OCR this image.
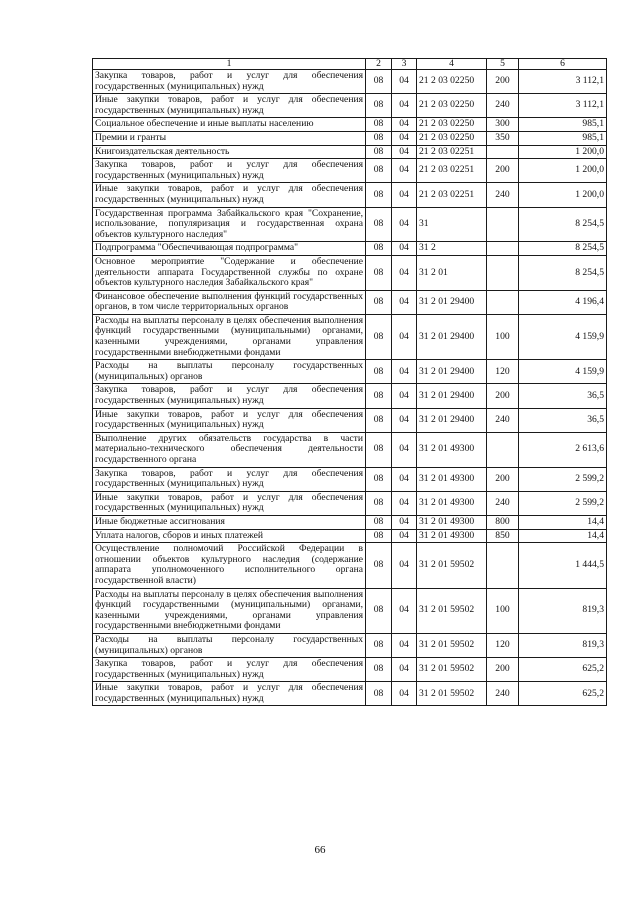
1	2	3	4	5	6
Закупка товаров, работ и услуг для обеспечения государственных (муниципальных) нужд	08	04	21 2 03 02250	200	3 112,1
Иные закупки товаров, работ и услуг для обеспечения государственных (муниципальных) нужд	08	04	21 2 03 02250	240	3 112,1
Социальное обеспечение и иные выплаты населению	08	04	21 2 03 02250	300	985,1
Премии и гранты	08	04	21 2 03 02250	350	985,1
Книгоиздательская деятельность	08	04	21 2 03 02251		1 200,0
Закупка товаров, работ и услуг для обеспечения государственных (муниципальных) нужд	08	04	21 2 03 02251	200	1 200,0
Иные закупки товаров, работ и услуг для обеспечения государственных (муниципальных) нужд	08	04	21 2 03 02251	240	1 200,0
Государственная программа Забайкальского края "Сохранение, использование, популяризация и государственная охрана объектов культурного наследия"	08	04	31		8 254,5
Подпрограмма "Обеспечивающая подпрограмма"	08	04	31 2		8 254,5
Основное мероприятие "Содержание и обеспечение деятельности аппарата Государственной службы по охране объектов культурного наследия Забайкальского края"	08	04	31 2 01		8 254,5
Финансовое обеспечение выполнения функций государственных органов, в том числе территориальных органов	08	04	31 2 01 29400		4 196,4
Расходы на выплаты персоналу в целях обеспечения выполнения функций государственными (муниципальными) органами, казенными учреждениями, органами управления государственными внебюджетными фондами	08	04	31 2 01 29400	100	4 159,9
Расходы на выплаты персоналу государственных (муниципальных) органов	08	04	31 2 01 29400	120	4 159,9
Закупка товаров, работ и услуг для обеспечения государственных (муниципальных) нужд	08	04	31 2 01 29400	200	36,5
Иные закупки товаров, работ и услуг для обеспечения государственных (муниципальных) нужд	08	04	31 2 01 29400	240	36,5
Выполнение других обязательств государства в части материально-технического обеспечения деятельности государственного органа	08	04	31 2 01 49300		2 613,6
Закупка товаров, работ и услуг для обеспечения государственных (муниципальных) нужд	08	04	31 2 01 49300	200	2 599,2
Иные закупки товаров, работ и услуг для обеспечения государственных (муниципальных) нужд	08	04	31 2 01 49300	240	2 599,2
Иные бюджетные ассигнования	08	04	31 2 01 49300	800	14,4
Уплата налогов, сборов и иных платежей	08	04	31 2 01 49300	850	14,4
Осуществление полномочий Российской Федерации в отношении объектов культурного наследия (содержание аппарата уполномоченного исполнительного органа государственной власти)	08	04	31 2 01 59502		1 444,5
Расходы на выплаты персоналу в целях обеспечения выполнения функций государственными (муниципальными) органами, казенными учреждениями, органами управления государственными внебюджетными фондами	08	04	31 2 01 59502	100	819,3
Расходы на выплаты персоналу государственных (муниципальных) органов	08	04	31 2 01 59502	120	819,3
Закупка товаров, работ и услуг для обеспечения государственных (муниципальных) нужд	08	04	31 2 01 59502	200	625,2
Иные закупки товаров, работ и услуг для обеспечения государственных (муниципальных) нужд	08	04	31 2 01 59502	240	625,2
66
